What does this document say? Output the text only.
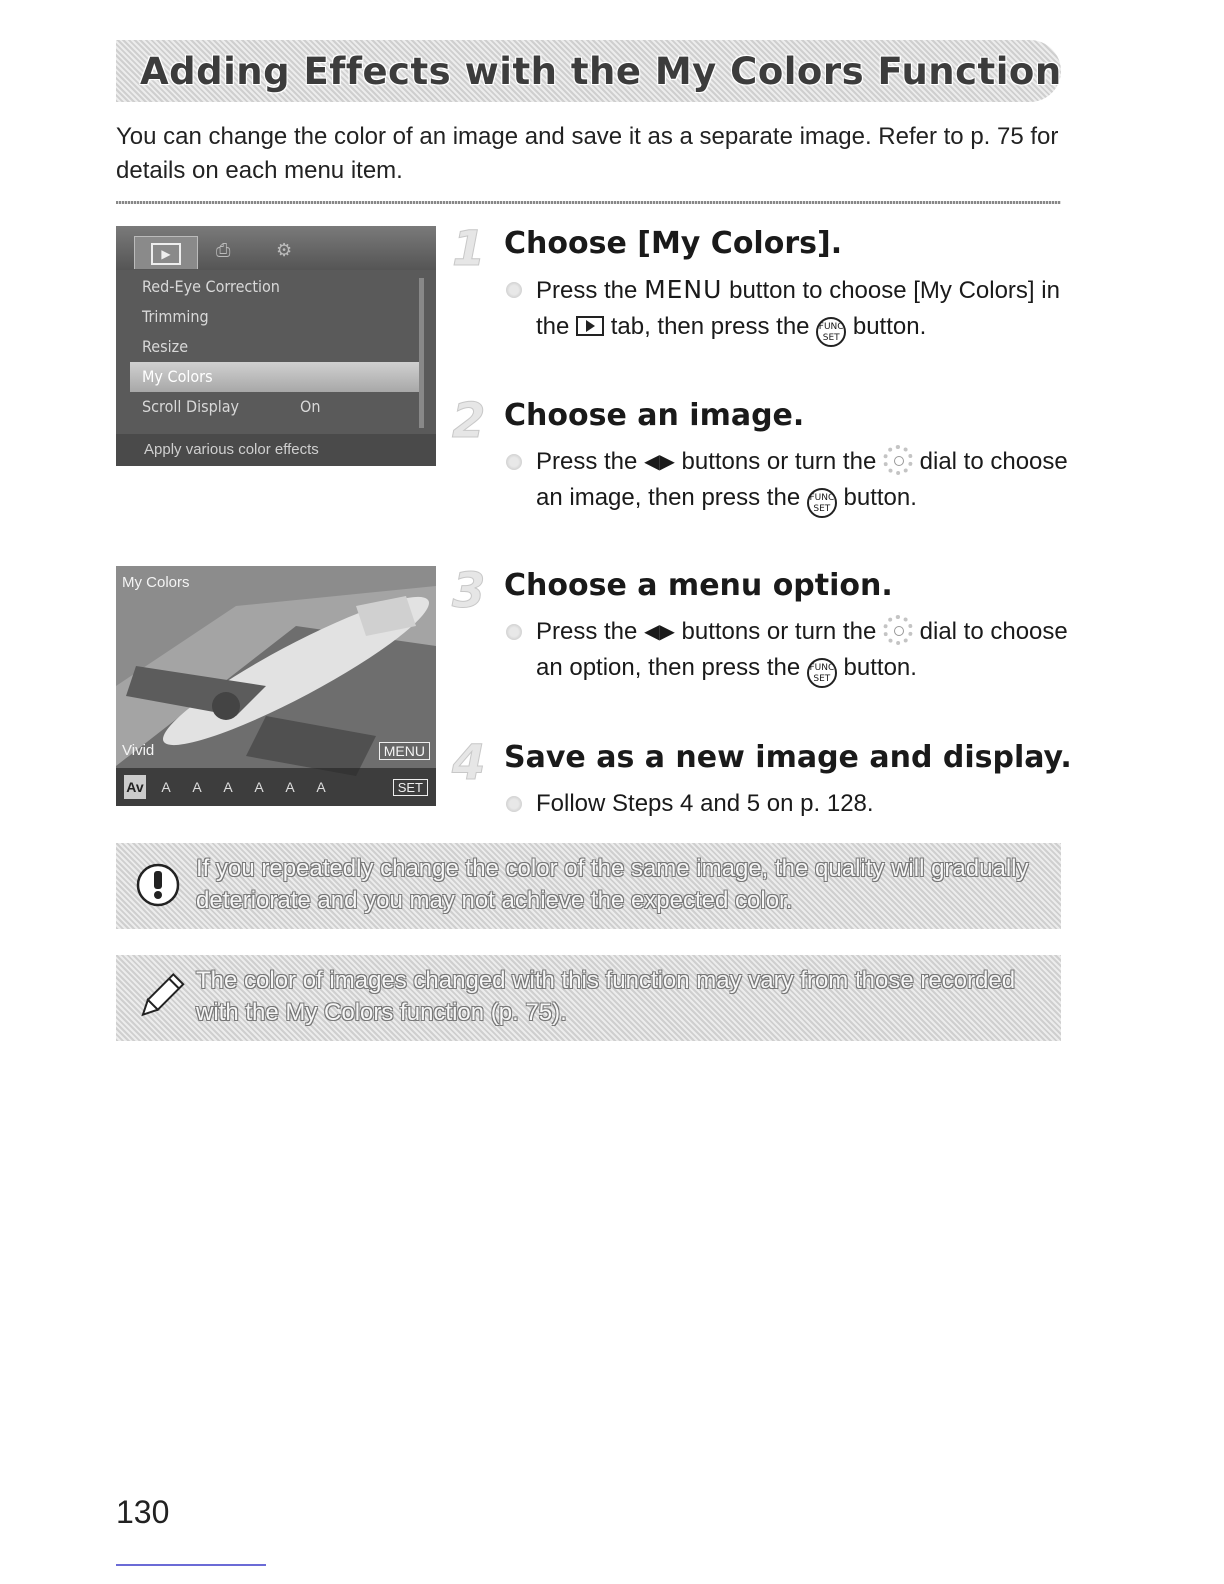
Adding Effects with the My Colors Function
You can change the color of an image and save it as a separate image. Refer to p. 75 for details on each menu item.
▶	⎙	⚙
Red-Eye Correction
Trimming
Resize
My Colors
Scroll Display	On
Apply various color effects
My Colors
Vivid	MENU
Av	A	A	A	A	A	A	SET
1 Choose [My Colors].
Press the MENU button to choose [My Colors] in the tab, then press the FUNC
SET button.
2 Choose an image.
Press the ◀▶ buttons or turn the dial to choose an image, then press the FUNC
SET button.
3 Choose a menu option.
Press the ◀▶ buttons or turn the dial to choose an option, then press the FUNC
SET button.
4 Save as a new image and display.
Follow Steps 4 and 5 on p. 128.
If you repeatedly change the color of the same image, the quality will gradually deteriorate and you may not achieve the expected color.
The color of images changed with this function may vary from those recorded with the My Colors function (p. 75).
130
